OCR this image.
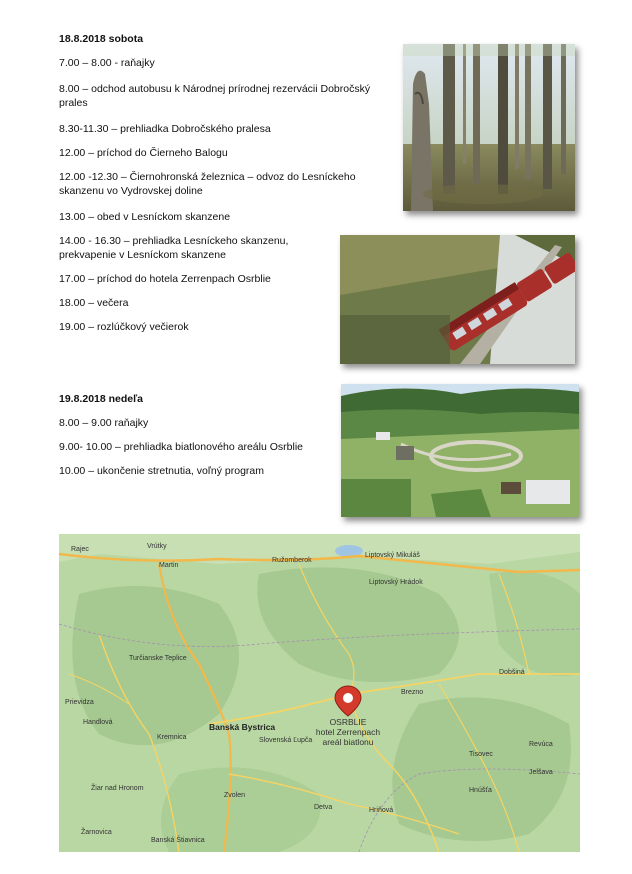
18.8.2018 sobota

7.00 – 8.00 - raňajky

8.00 – odchod autobusu k Národnej prírodnej rezervácii Dobročský

prales

8.30-11.30 – prehliadka Dobročského pralesa

12.00 – príchod do Čierneho Balogu

12.00 -12.30 – Čiernohronská železnica – odvoz do Lesníckeho

skanzenu vo Vydrovskej doline

13.00 – obed v Lesníckom skanzene

14.00 - 16.30 – prehliadka Lesníckeho skanzenu,

prekvapenie v Lesníckom skanzene

17.00 – príchod do hotela Zerrenpach Osrblie

18.00 – večera

19.00 – rozlúčkový večierok

19.8.2018 nedeľa

8.00 – 9.00 raňajky

9.00- 10.00 – prehliadka biatlonového areálu Osrblie

10.00 – ukončenie stretnutia, voľný program

Rajec	Vrútky
Martin
Ružomberok
Liptovský Mikuláš
Liptovský Hrádok
Turčianske Teplice
Prievidza
Handlová
Kremnica
Banská Bystrica
Slovenská Ľupča
Brezno
Dobšiná
Žiar nad Hronom
Zvolen
Detva	Hriňová
Tisovec
Revúca
Jelšava
Hnúšťa
Žarnovica
Banská Štiavnica
OSRBLIE
hotel Zerrenpach
areál biatlonu
